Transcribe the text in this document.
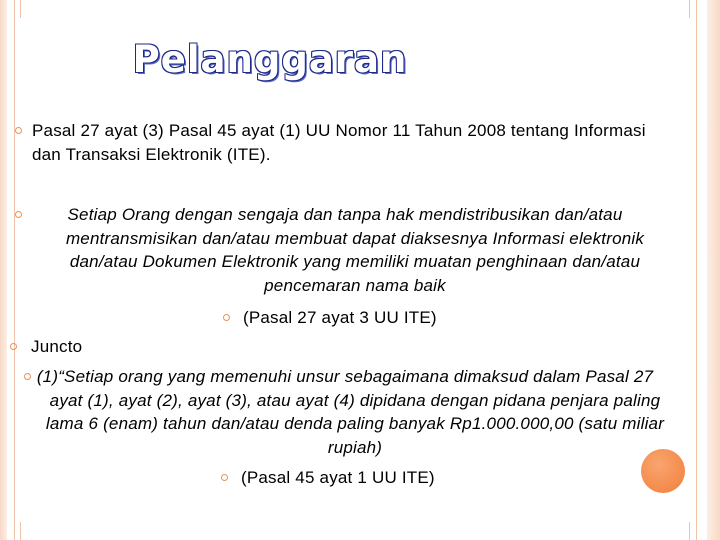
Pelanggaran
Pasal 27 ayat (3) Pasal 45 ayat (1) UU Nomor 11 Tahun 2008 tentang Informasi dan Transaksi Elektronik (ITE).
Setiap Orang dengan sengaja dan tanpa hak mendistribusikan dan/atau mentransmisikan dan/atau membuat dapat diaksesnya Informasi elektronik dan/atau Dokumen Elektronik yang memiliki muatan penghinaan dan/atau pencemaran nama baik
(Pasal 27 ayat 3 UU ITE)
Juncto
(1)“Setiap orang yang memenuhi unsur sebagaimana dimaksud dalam Pasal 27 ayat (1), ayat (2), ayat (3), atau ayat (4) dipidana dengan pidana penjara paling lama 6 (enam) tahun dan/atau denda paling banyak Rp1.000.000,00 (satu miliar rupiah)
(Pasal 45 ayat 1 UU ITE)
